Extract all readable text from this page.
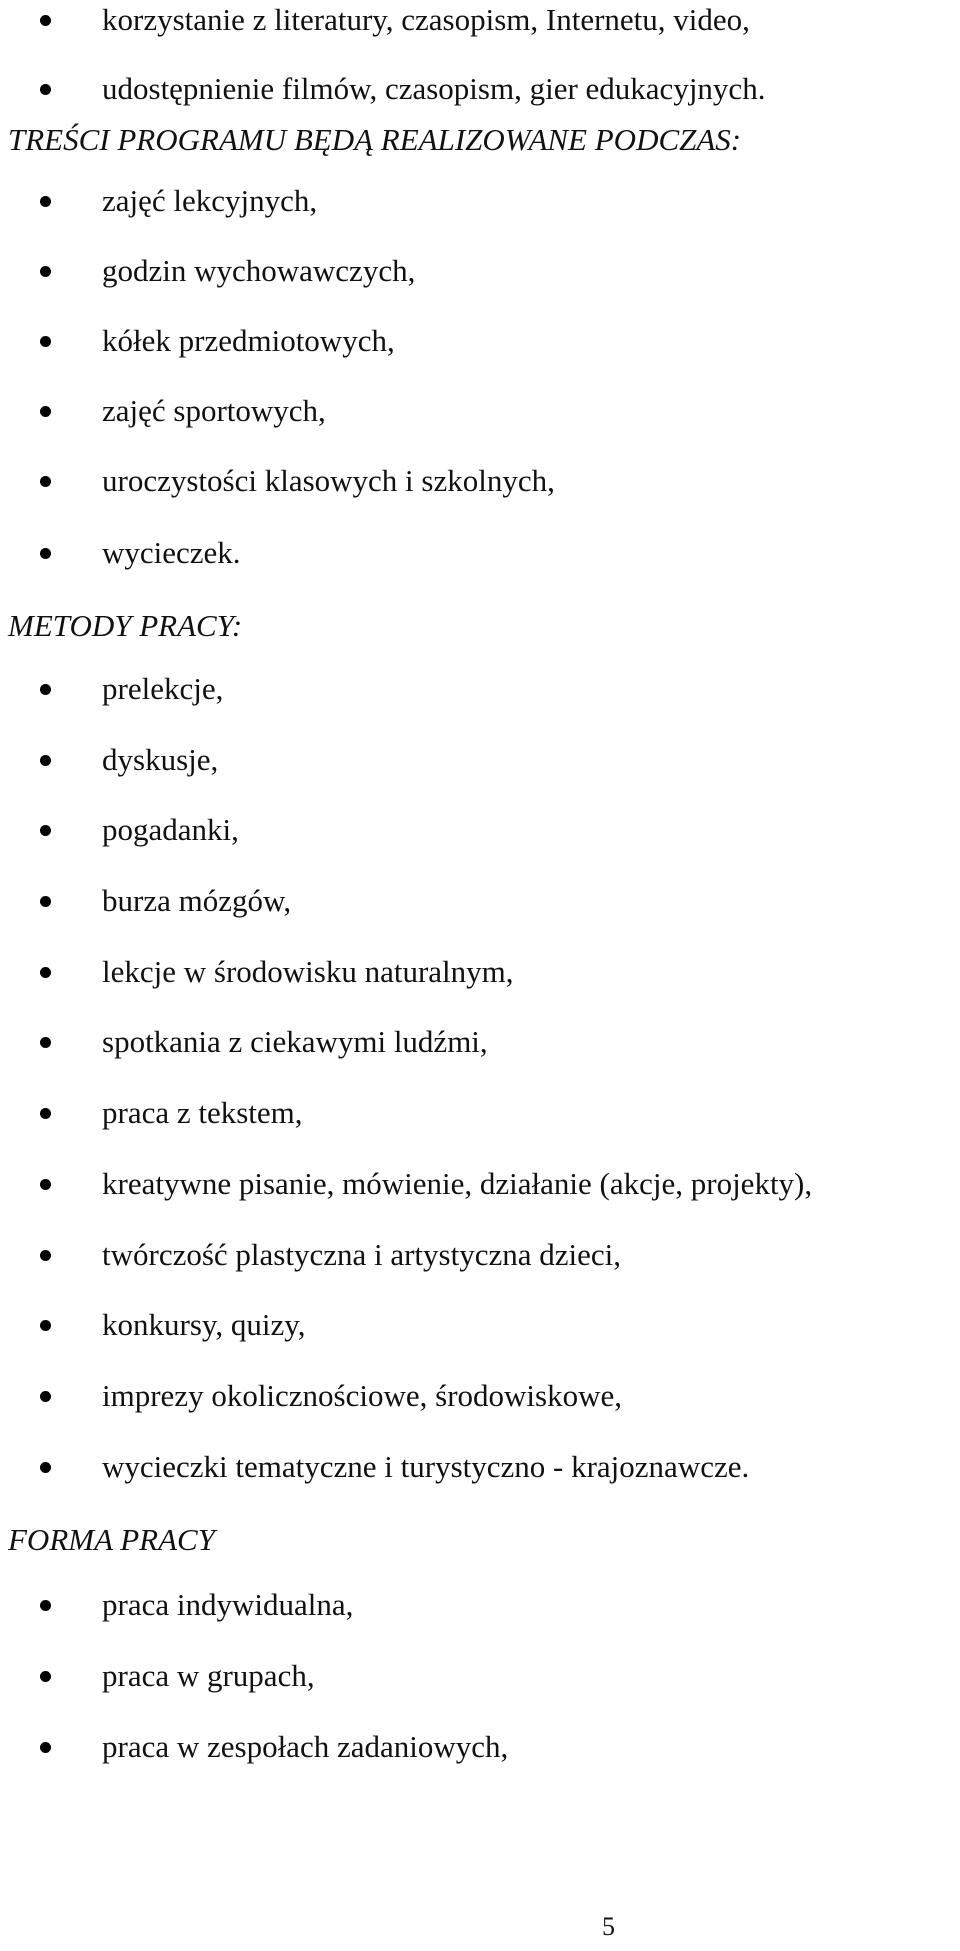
korzystanie z literatury, czasopism, Internetu, video,
udostępnienie filmów, czasopism, gier edukacyjnych.
TREŚCI PROGRAMU BĘDĄ REALIZOWANE PODCZAS:
zajęć lekcyjnych,
godzin wychowawczych,
kółek przedmiotowych,
zajęć sportowych,
uroczystości klasowych i szkolnych,
wycieczek.
METODY PRACY:
prelekcje,
dyskusje,
pogadanki,
burza mózgów,
lekcje w środowisku naturalnym,
spotkania z ciekawymi ludźmi,
praca z tekstem,
kreatywne pisanie, mówienie, działanie (akcje, projekty),
twórczość plastyczna i artystyczna dzieci,
konkursy, quizy,
imprezy okolicznościowe, środowiskowe,
wycieczki tematyczne i turystyczno - krajoznawcze.
FORMA PRACY
praca indywidualna,
praca w grupach,
praca w zespołach zadaniowych,
5
